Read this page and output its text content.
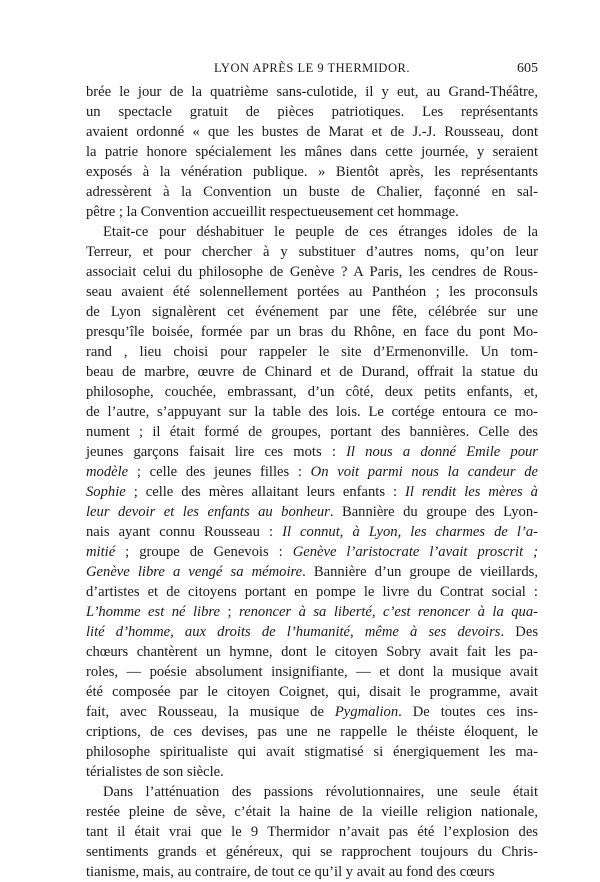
LYON APRÈS LE 9 THERMIDOR.	605

brée le jour de la quatrième sans-culotide, il y eut, au Grand-Théâtre,

un spectacle gratuit de pièces patriotiques. Les représentants

avaient ordonné « que les bustes de Marat et de J.-J. Rousseau, dont

la patrie honore spécialement les mânes dans cette journée, y seraient

exposés à la vénération publique. » Bientôt après, les représentants

adressèrent à la Convention un buste de Chalier, façonné en sal-

pêtre ; la Convention accueillit respectueusement cet hommage.

Etait-ce pour déshabituer le peuple de ces étranges idoles de la

Terreur, et pour chercher à y substituer d’autres noms, qu’on leur

associait celui du philosophe de Genève ? A Paris, les cendres de Rous-

seau avaient été solennellement portées au Panthéon ; les proconsuls

de Lyon signalèrent cet événement par une fête, célébrée sur une

presqu’île boisée, formée par un bras du Rhône, en face du pont Mo-

rand , lieu choisi pour rappeler le site d’Ermenonville. Un tom-

beau de marbre, œuvre de Chinard et de Durand, offrait la statue du

philosophe, couchée, embrassant, d’un côté, deux petits enfants, et,

de l’autre, s’appuyant sur la table des lois. Le cortége entoura ce mo-

nument ; il était formé de groupes, portant des bannières. Celle des

jeunes garçons faisait lire ces mots : Il nous a donné Emile pour

modèle ; celle des jeunes filles : On voit parmi nous la candeur de

Sophie ; celle des mères allaitant leurs enfants : Il rendit les mères à

leur devoir et les enfants au bonheur. Bannière du groupe des Lyon-

nais ayant connu Rousseau : Il connut, à Lyon, les charmes de l’a-

mitié ; groupe de Genevois : Genève l’aristocrate l’avait proscrit ;

Genève libre a vengé sa mémoire. Bannière d’un groupe de vieillards,

d’artistes et de citoyens portant en pompe le livre du Contrat social :

L’homme est né libre ; renoncer à sa liberté, c’est renoncer à la qua-

lité d’homme, aux droits de l’humanité, même à ses devoirs. Des

chœurs chantèrent un hymne, dont le citoyen Sobry avait fait les pa-

roles, — poésie absolument insignifiante, — et dont la musique avait

été composée par le citoyen Coignet, qui, disait le programme, avait

fait, avec Rousseau, la musique de Pygmalion. De toutes ces ins-

criptions, de ces devises, pas une ne rappelle le théiste éloquent, le

philosophe spiritualiste qui avait stigmatisé si énergiquement les ma-

térialistes de son siècle.

Dans l’atténuation des passions révolutionnaires, une seule était

restée pleine de sève, c’était la haine de la vieille religion nationale,

tant il était vrai que le 9 Thermidor n’avait pas été l’explosion des

sentiments grands et généreux, qui se rapprochent toujours du Chris-

tianisme, mais, au contraire, de tout ce qu’il y avait au fond des cœurs
